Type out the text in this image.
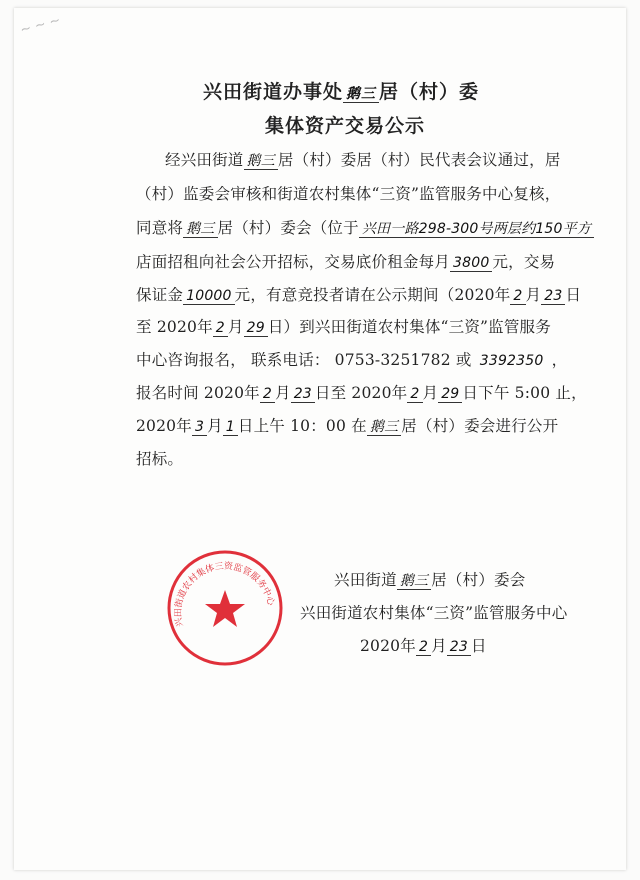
~ ~ ~
兴田街道办事处 鹅三 居（村）委
集体资产交易公示
经兴田街道 鹅三 居（村）委居（村）民代表会议通过，居
（村）监委会审核和街道农村集体“三资”监管服务中心复核，
同意将 鹅三 居（村）委会（位于 兴田一路298-300号两层约150平方
店面招租向社会公开招标，交易底价租金每月 3800 元，交易
保证金 10000 元，有意竞投者请在公示期间（2020年 2 月 23 日
至 2020年 2 月 29 日）到兴田街道农村集体“三资”监管服务
中心咨询报名， 联系电话： 0753-3251782 或 3392350 ，
报名时间 2020年 2 月 23 日至 2020年 2 月 29 日下午 5:00 止，
2020年 3 月 1 日上午 10：00 在 鹅三 居（村）委会进行公开
招标。
兴田街道 鹅三 居（村）委会
兴田街道农村集体“三资”监管服务中心
2020年 2 月 23 日
兴田街道农村集体三资监管服务中心
